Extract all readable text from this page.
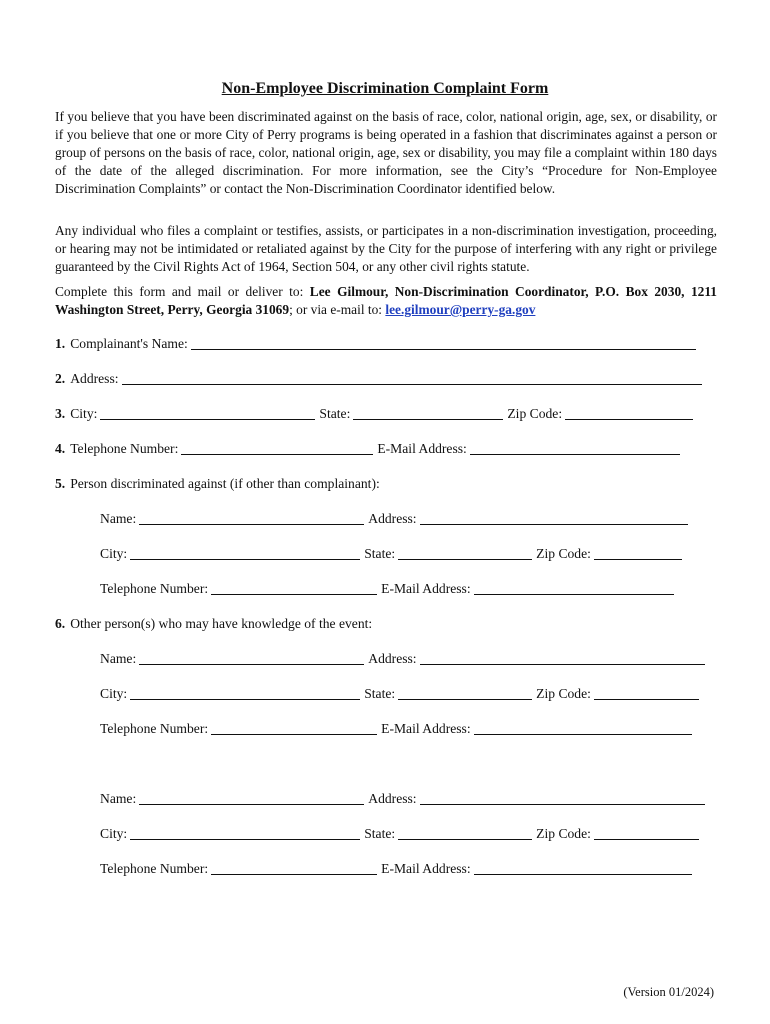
Non-Employee Discrimination Complaint Form

If you believe that you have been discriminated against on the basis of race, color, national origin, age, sex, or disability, or if you believe that one or more City of Perry programs is being operated in a fashion that discriminates against a person or group of persons on the basis of race, color, national origin, age, sex or disability, you may file a complaint within 180 days of the date of the alleged discrimination. For more information, see the City’s “Procedure for Non-Employee Discrimination Complaints” or contact the Non-Discrimination Coordinator identified below.

Any individual who files a complaint or testifies, assists, or participates in a non-discrimination investigation, proceeding, or hearing may not be intimidated or retaliated against by the City for the purpose of interfering with any right or privilege guaranteed by the Civil Rights Act of 1964, Section 504, or any other civil rights statute.

Complete this form and mail or deliver to: Lee Gilmour, Non-Discrimination Coordinator, P.O. Box 2030, 1211 Washington Street, Perry, Georgia 31069; or via e-mail to: lee.gilmour@perry-ga.gov

1. Complainant's Name:
2. Address:
3. City:	State:	Zip Code:
4. Telephone Number:	E-Mail Address:
5. Person discriminated against (if other than complainant):
Name:	Address:
City:	State:	Zip Code:
Telephone Number:	E-Mail Address:
6. Other person(s) who may have knowledge of the event:
Name:	Address:
City:	State:	Zip Code:
Telephone Number:	E-Mail Address:
Name:	Address:
City:	State:	Zip Code:
Telephone Number:	E-Mail Address:
(Version 01/2024)
